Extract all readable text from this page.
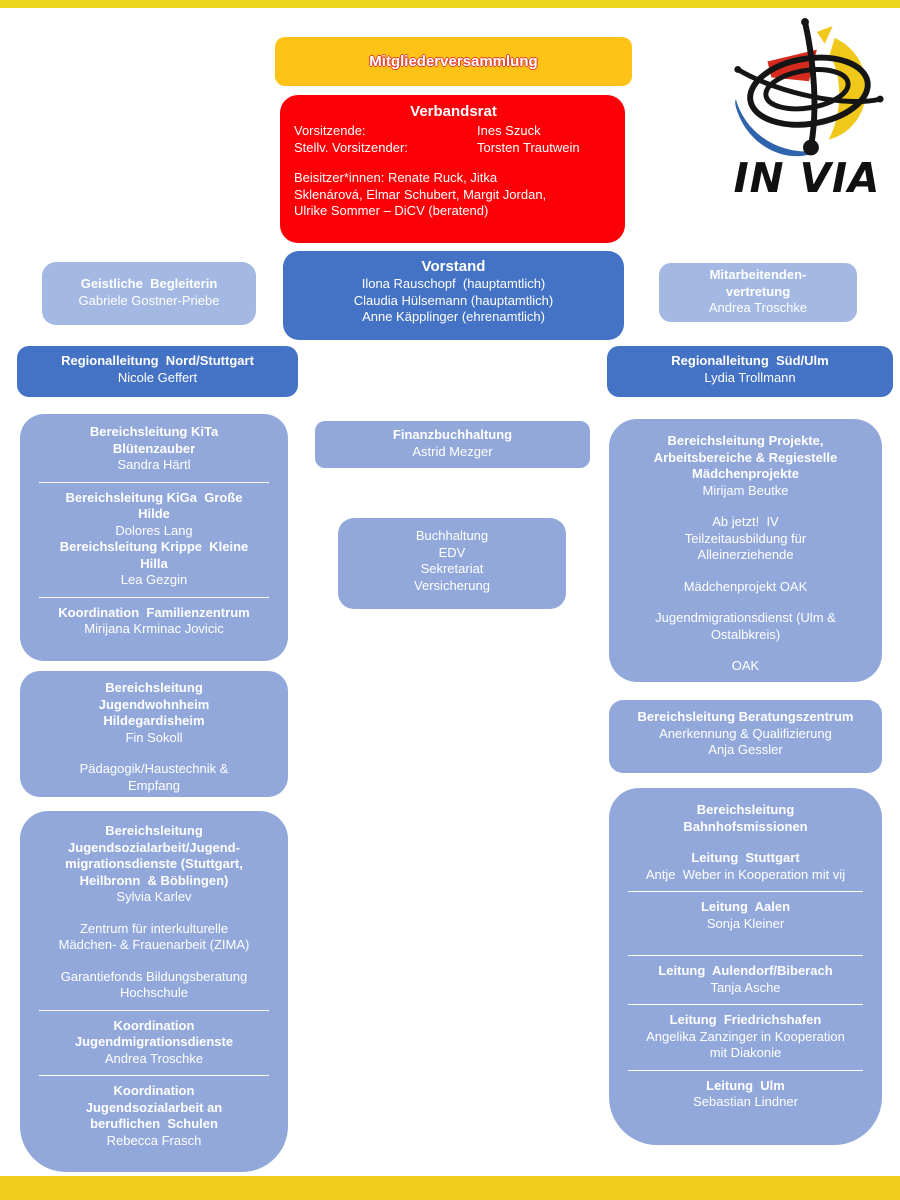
Mitgliederversammlung
Verbandsrat
Vorsitzende:	Ines Szuck
Stellv. Vorsitzender:	Torsten Trautwein
Beisitzer*innen: Renate Ruck, Jitka
Sklenárová, Elmar Schubert, Margit Jordan,
Ulrike Sommer – DiCV (beratend)
Geistliche  Begleiterin
Gabriele Gostner-Priebe
Vorstand
Ilona Rauschopf  (hauptamtlich)
Claudia Hülsemann (hauptamtlich)
Anne Käpplinger (ehrenamtlich)
Mitarbeitenden-
vertretung
Andrea Troschke
Regionalleitung  Nord/Stuttgart
Nicole Geffert
Regionalleitung  Süd/Ulm
Lydia Trollmann
Bereichsleitung KiTa
Blütenzauber
Sandra Härtl
Bereichsleitung KiGa  Große
Hilde
Dolores Lang
Bereichsleitung Krippe  Kleine
Hilla
Lea Gezgin
Koordination  Familienzentrum
Mirijana Krminac Jovicic
Bereichsleitung
Jugendwohnheim
Hildegardisheim
Fin Sokoll
Pädagogik/Haustechnik &
Empfang
Bereichsleitung
Jugendsozialarbeit/Jugend-
migrationsdienste (Stuttgart,
Heilbronn  & Böblingen)
Sylvia Karlev
Zentrum für interkulturelle
Mädchen- & Frauenarbeit (ZIMA)
Garantiefonds Bildungsberatung
Hochschule
Koordination
Jugendmigrationsdienste
Andrea Troschke
Koordination
Jugendsozialarbeit an
beruflichen  Schulen
Rebecca Frasch
Finanzbuchhaltung
Astrid Mezger
Buchhaltung
EDV
Sekretariat
Versicherung
Bereichsleitung Projekte,
Arbeitsbereiche & Regiestelle
Mädchenprojekte
Mirijam Beutke
Ab jetzt!  IV
Teilzeitausbildung für
Alleinerziehende
Mädchenprojekt OAK
Jugendmigrationsdienst (Ulm &
Ostalbkreis)
OAK
Bereichsleitung Beratungszentrum
Anerkennung & Qualifizierung
Anja Gessler
Bereichsleitung
Bahnhofsmissionen
Leitung  Stuttgart
Antje  Weber in Kooperation mit vij
Leitung  Aalen
Sonja Kleiner
Leitung  Aulendorf/Biberach
Tanja Asche
Leitung  Friedrichshafen
Angelika Zanzinger in Kooperation
mit Diakonie
Leitung  Ulm
Sebastian Lindner
IN VIA
